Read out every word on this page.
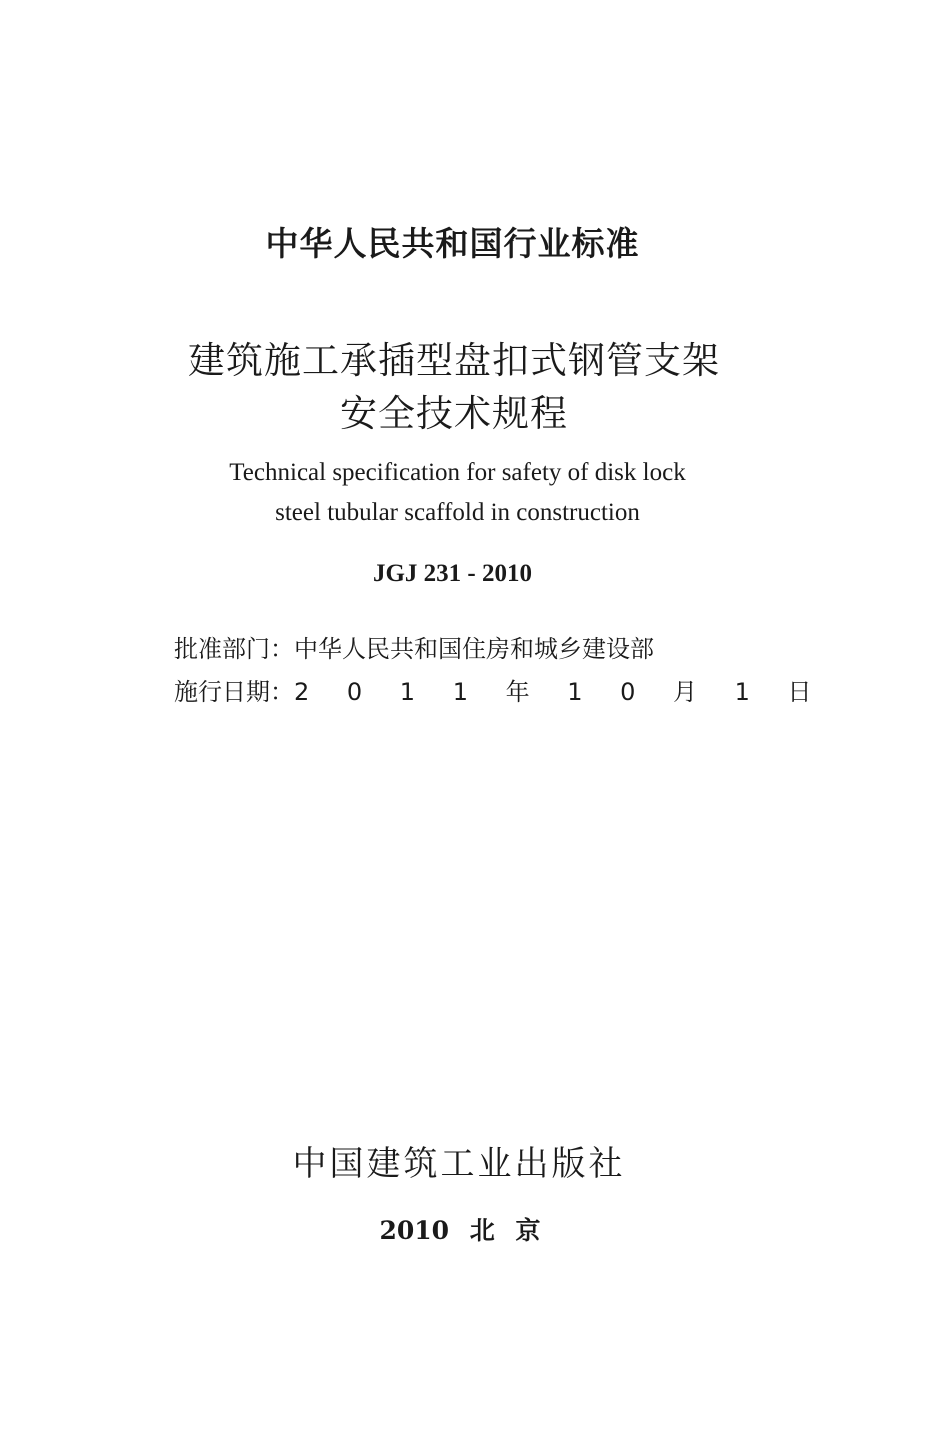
中华人民共和国行业标准
建筑施工承插型盘扣式钢管支架
安全技术规程
Technical specification for safety of disk lock
steel tubular scaffold in construction
JGJ 231 - 2010
批准部门：中华人民共和国住房和城乡建设部
施行日期：2 0 1 1 年 1 0 月 1 日
中国建筑工业出版社
2010 北 京
